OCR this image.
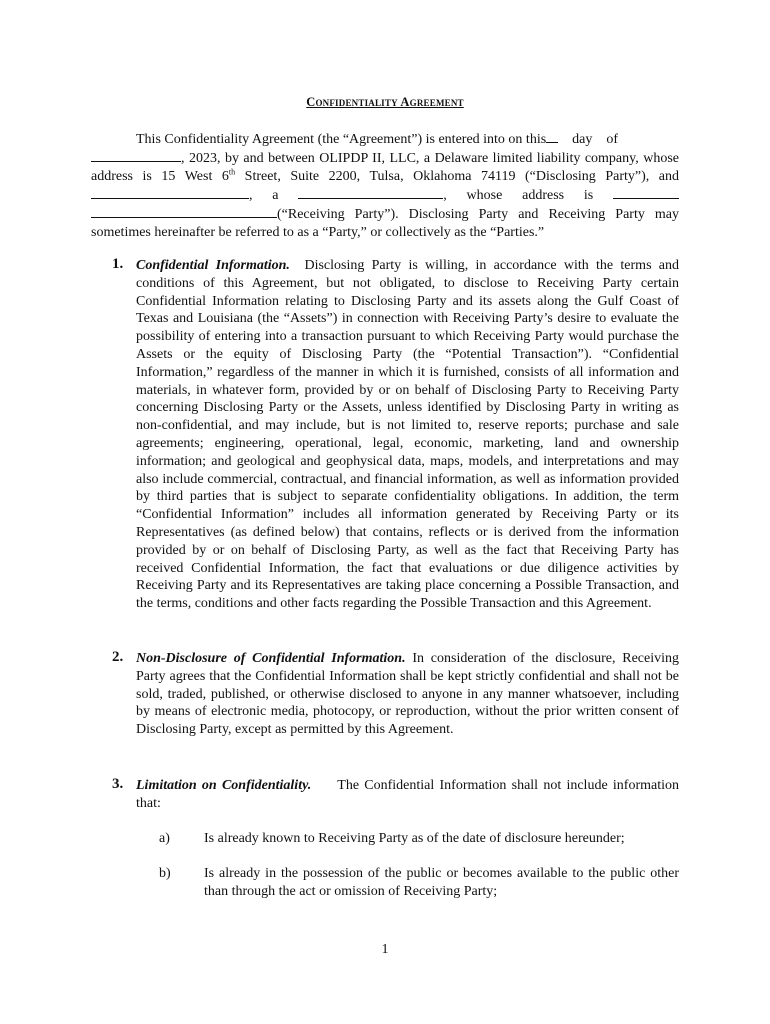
Confidentiality Agreement

This Confidentiality Agreement (the “Agreement”) is entered into on this day of
, 2023, by and between OLIPDP II, LLC, a Delaware limited liability company, whose address is 15 West 6th Street, Suite 2200, Tulsa, Oklahoma 74119 (“Disclosing Party”), and , a	, whose address is  (“Receiving Party”). Disclosing Party and Receiving Party may sometimes hereinafter be referred to as a “Party,” or collectively as the “Parties.”

1. Confidential Information. Disclosing Party is willing, in accordance with the terms and conditions of this Agreement, but not obligated, to disclose to Receiving Party certain Confidential Information relating to Disclosing Party and its assets along the Gulf Coast of Texas and Louisiana (the “Assets”) in connection with Receiving Party’s desire to evaluate the possibility of entering into a transaction pursuant to which Receiving Party would purchase the Assets or the equity of Disclosing Party (the “Potential Transaction”). “Confidential Information,” regardless of the manner in which it is furnished, consists of all information and materials, in whatever form, provided by or on behalf of Disclosing Party to Receiving Party concerning Disclosing Party or the Assets, unless identified by Disclosing Party in writing as non-confidential, and may include, but is not limited to, reserve reports; purchase and sale agreements; engineering, operational, legal, economic, marketing, land and ownership information; and geological and geophysical data, maps, models, and interpretations and may also include commercial, contractual, and financial information, as well as information provided by third parties that is subject to separate confidentiality obligations. In addition, the term “Confidential Information” includes all information generated by Receiving Party or its Representatives (as defined below) that contains, reflects or is derived from the information provided by or on behalf of Disclosing Party, as well as the fact that Receiving Party has received Confidential Information, the fact that evaluations or due diligence activities by Receiving Party and its Representatives are taking place concerning a Possible Transaction, and the terms, conditions and other facts regarding the Possible Transaction and this Agreement.

2. Non-Disclosure of Confidential Information. In consideration of the disclosure, Receiving Party agrees that the Confidential Information shall be kept strictly confidential and shall not be sold, traded, published, or otherwise disclosed to anyone in any manner whatsoever, including by means of electronic media, photocopy, or reproduction, without the prior written consent of Disclosing Party, except as permitted by this Agreement.

3. Limitation on Confidentiality. The Confidential Information shall not include information that:

a) Is already known to Receiving Party as of the date of disclosure hereunder;

b) Is already in the possession of the public or becomes available to the public other than through the act or omission of Receiving Party;

1
